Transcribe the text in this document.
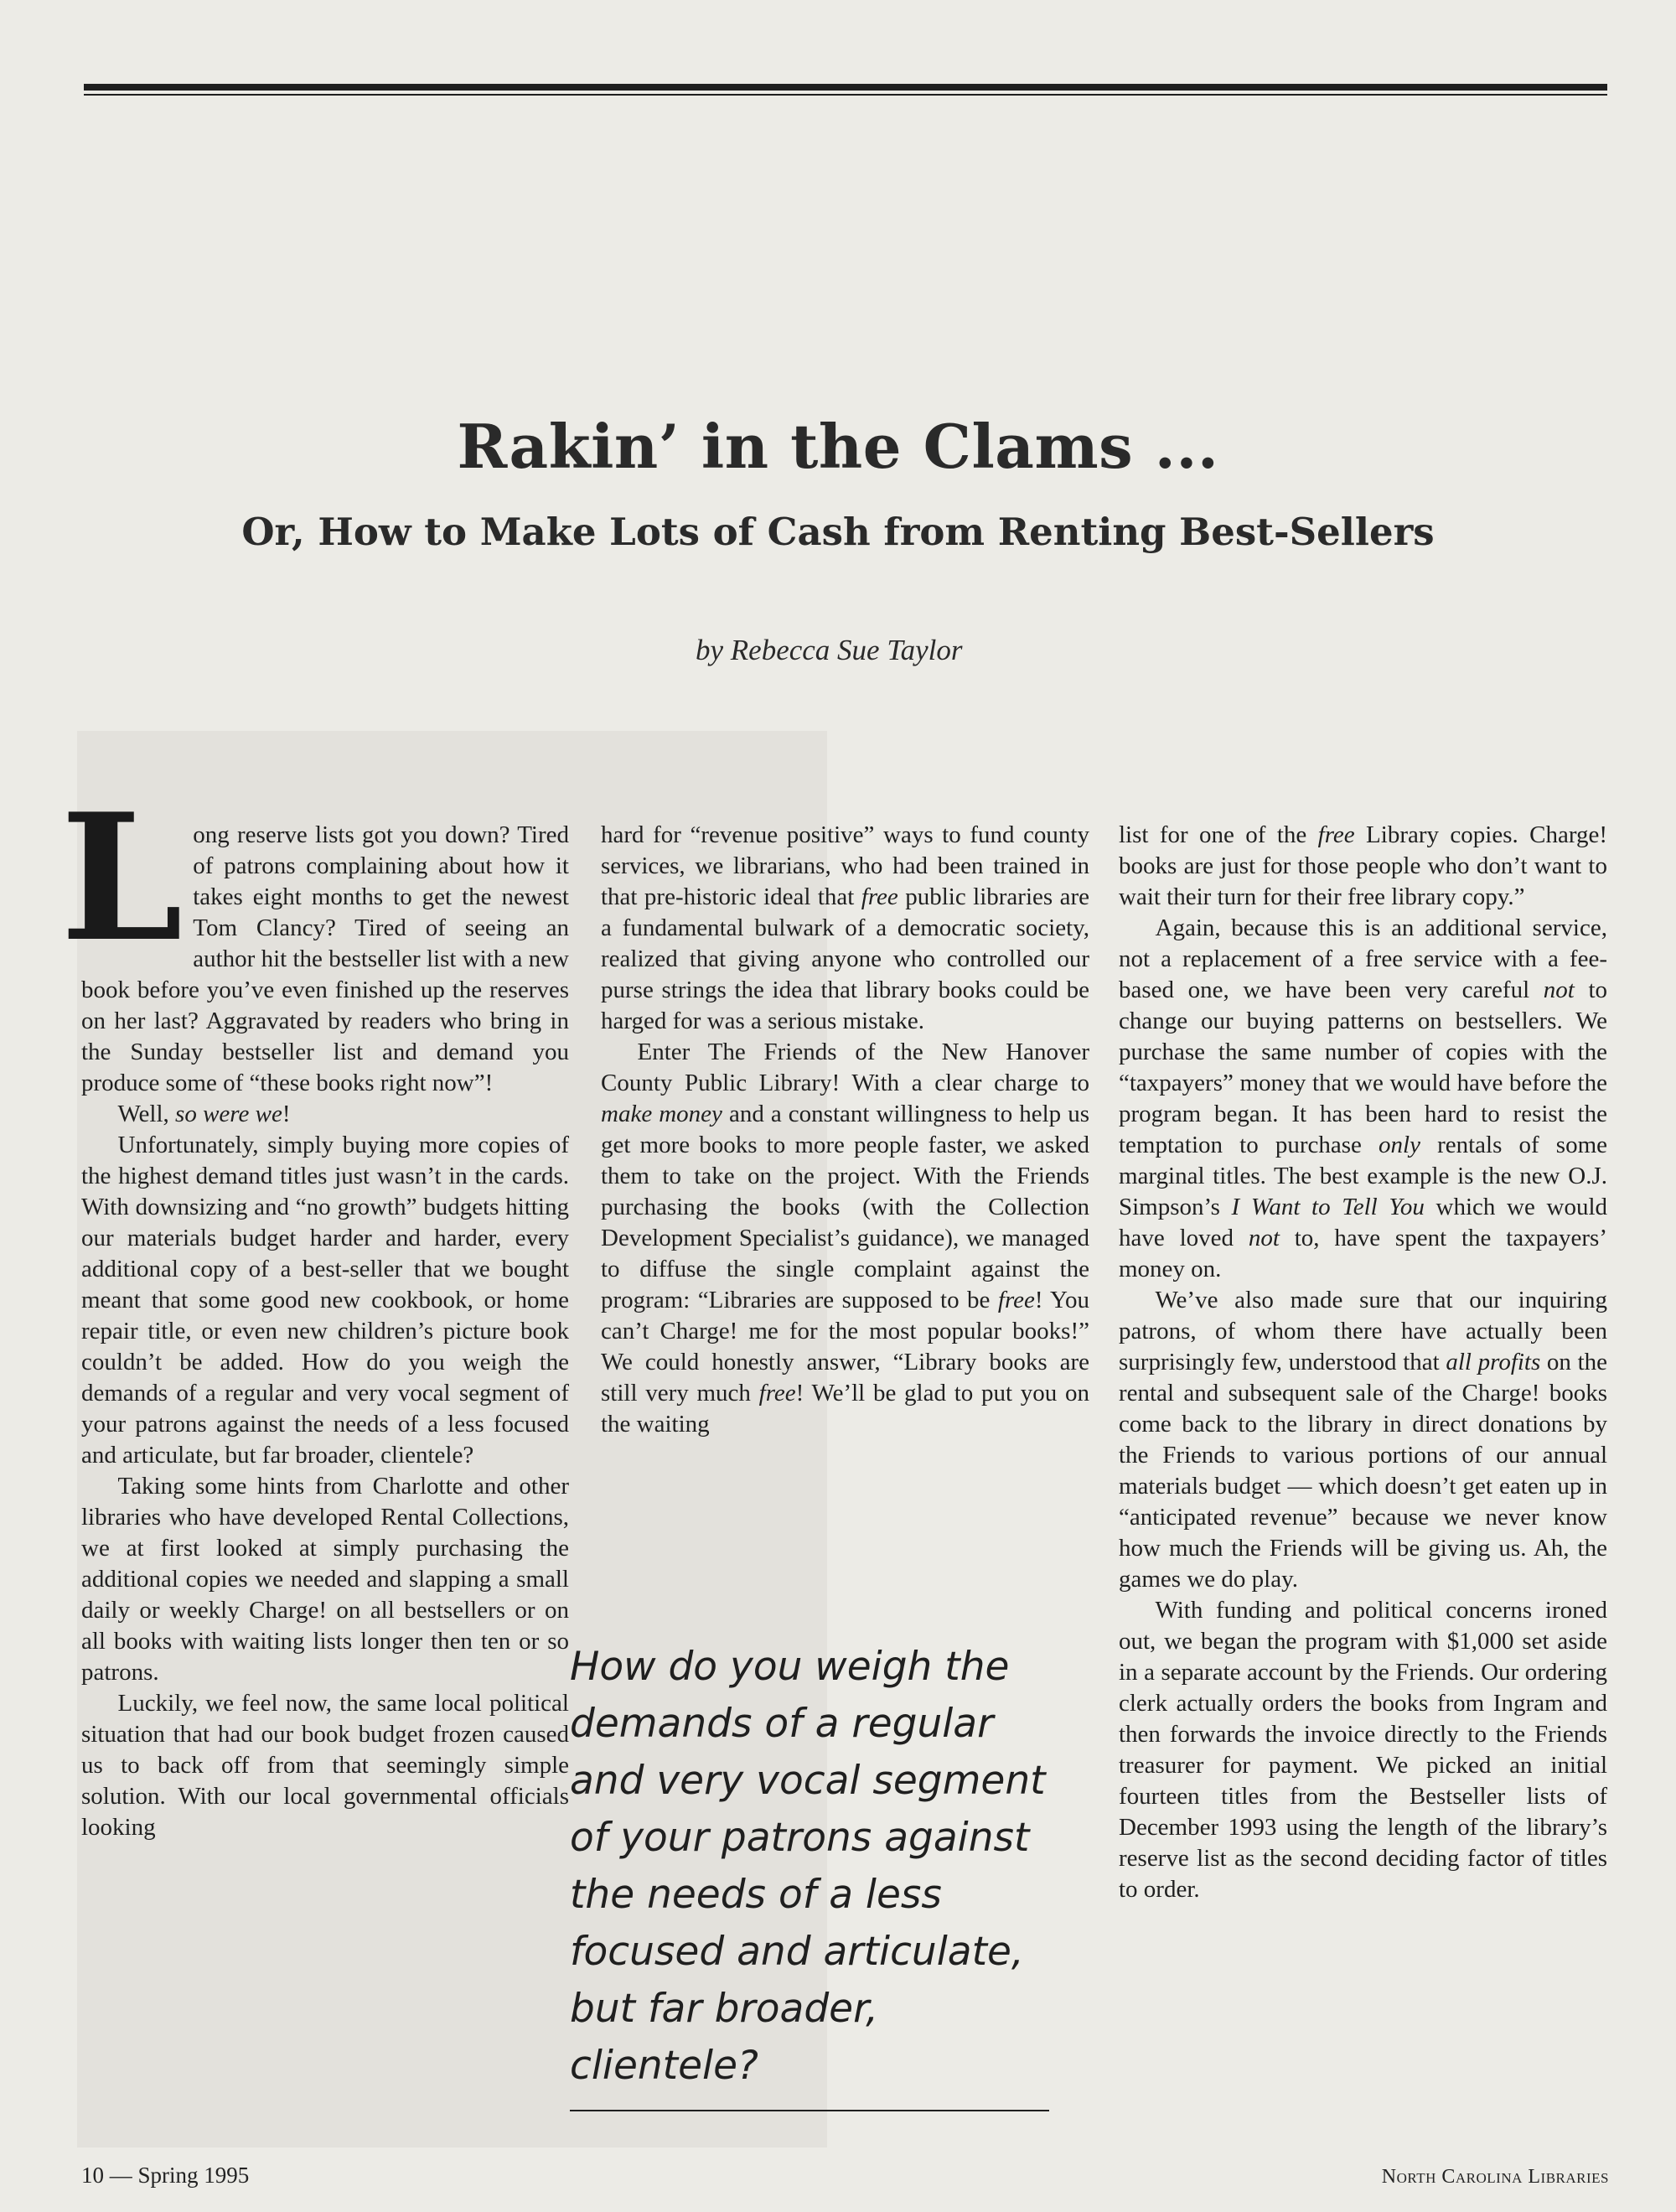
Rakin’ in the Clams ...
Or, How to Make Lots of Cash from Renting Best-Sellers
by Rebecca Sue Taylor

Long reserve lists got you down? Tired of patrons complaining about how it takes eight months to get the newest Tom Clancy? Tired of seeing an author hit the bestseller list with a new book before you’ve even finished up the reserves on her last? Aggravated by readers who bring in the Sunday bestseller list and demand you produce some of “these books right now”!

Well, so were we!

Unfortunately, simply buying more copies of the highest demand titles just wasn’t in the cards. With downsizing and “no growth” budgets hitting our materials budget harder and harder, every additional copy of a best-seller that we bought meant that some good new cookbook, or home repair title, or even new children’s picture book couldn’t be added. How do you weigh the demands of a regular and very vocal segment of your patrons against the needs of a less focused and articulate, but far broader, clientele?

Taking some hints from Charlotte and other libraries who have developed Rental Collections, we at first looked at simply purchasing the additional copies we needed and slapping a small daily or weekly Charge! on all bestsellers or on all books with waiting lists longer then ten or so patrons.

Luckily, we feel now, the same local political situation that had our book budget frozen caused us to back off from that seemingly simple solution. With our local governmental officials looking

hard for “revenue positive” ways to fund county services, we librarians, who had been trained in that pre-historic ideal that free public libraries are a fundamental bulwark of a democratic society, realized that giving anyone who controlled our purse strings the idea that library books could be harged for was a serious mistake.

Enter The Friends of the New Hanover County Public Library! With a clear charge to make money and a constant willingness to help us get more books to more people faster, we asked them to take on the project. With the Friends purchasing the books (with the Collection Development Specialist’s guidance), we managed to diffuse the single complaint against the program: “Libraries are supposed to be free! You can’t Charge! me for the most popular books!” We could honestly answer, “Library books are still very much free! We’ll be glad to put you on the waiting

list for one of the free Library copies. Charge! books are just for those people who don’t want to wait their turn for their free library copy.”

Again, because this is an additional service, not a replacement of a free service with a fee-based one, we have been very careful not to change our buying patterns on bestsellers. We purchase the same number of copies with the “taxpayers” money that we would have before the program began. It has been hard to resist the temptation to purchase only rentals of some marginal titles. The best example is the new O.J. Simpson’s I Want to Tell You which we would have loved not to, have spent the taxpayers’ money on.

We’ve also made sure that our inquiring patrons, of whom there have actually been surprisingly few, understood that all profits on the rental and subsequent sale of the Charge! books come back to the library in direct donations by the Friends to various portions of our annual materials budget — which doesn’t get eaten up in “anticipated revenue” because we never know how much the Friends will be giving us. Ah, the games we do play.

With funding and political concerns ironed out, we began the program with $1,000 set aside in a separate account by the Friends. Our ordering clerk actually orders the books from Ingram and then forwards the invoice directly to the Friends treasurer for payment. We picked an initial fourteen titles from the Bestseller lists of December 1993 using the length of the library’s reserve list as the second deciding factor of titles to order.

How do you weigh the demands of a regular and very vocal segment of your patrons against the needs of a less focused and articulate, but far broader, clientele?
10 — Spring 1995	North Carolina Libraries
